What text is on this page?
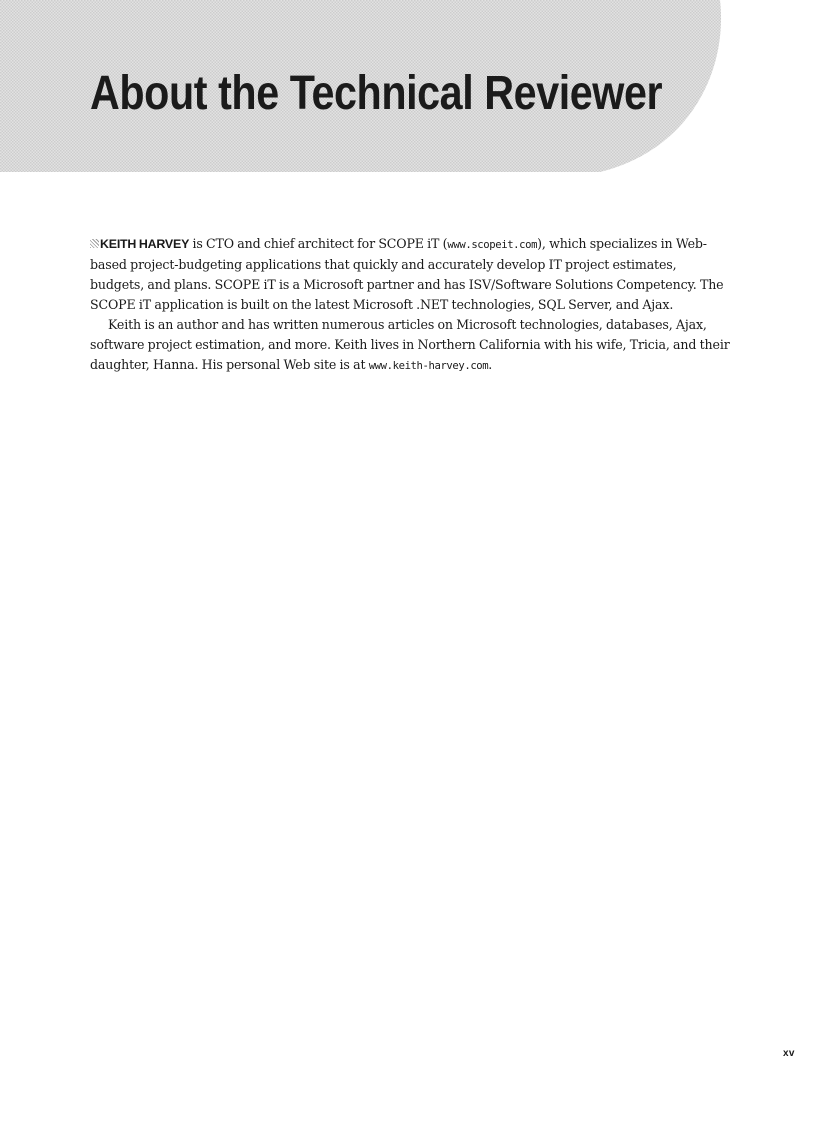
About the Technical Reviewer

KEITH HARVEY is CTO and chief architect for SCOPE iT (www.scopeit.com), which specializes in Web-based project-budgeting applications that quickly and accurately develop IT project estimates, budgets, and plans. SCOPE iT is a Microsoft partner and has ISV/Software Solutions Competency. The SCOPE iT application is built on the latest Microsoft .NET technologies, SQL Server, and Ajax.

Keith is an author and has written numerous articles on Microsoft technologies, databases, Ajax, software project estimation, and more. Keith lives in Northern California with his wife, Tricia, and their daughter, Hanna. His personal Web site is at www.keith-harvey.com.

xv
